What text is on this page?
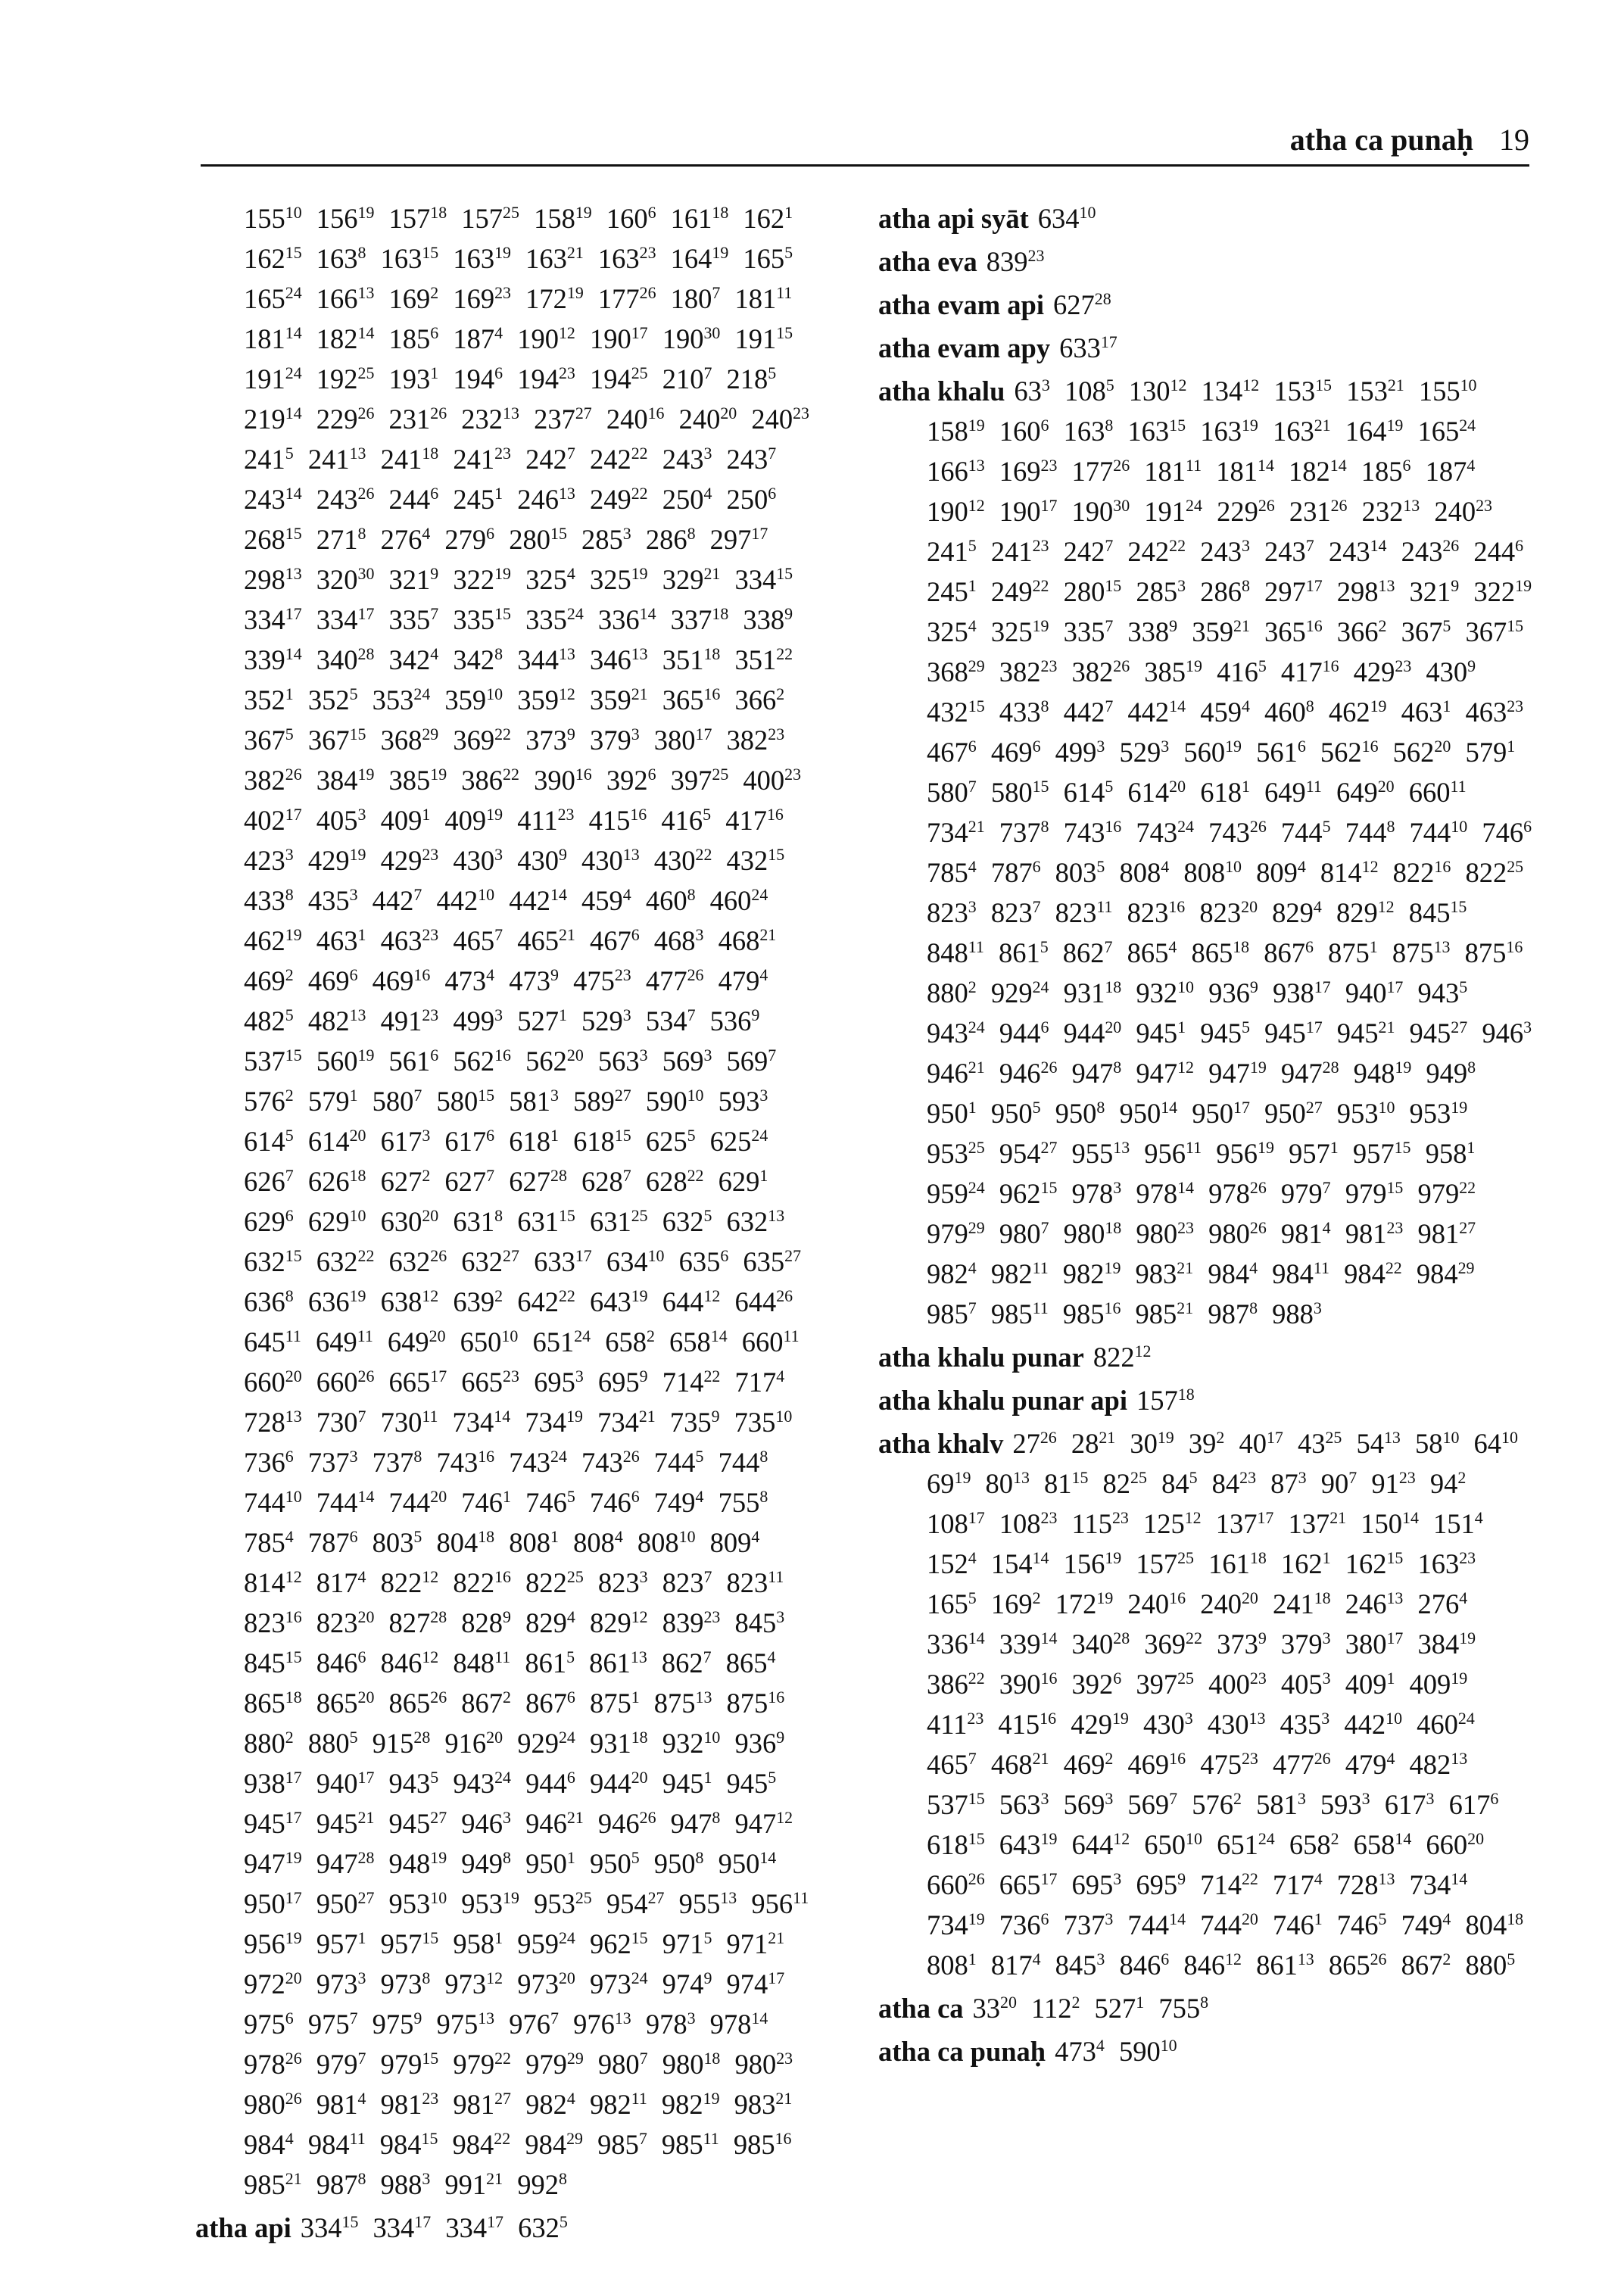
atha ca punaḥ 19
$155^{10}$ $156^{19}$ $157^{18}$ $157^{25}$ $158^{19}$ $160^6$ $161^{18}$ $162^1$ $162^{15}$ $163^8$ $163^{15}$ $163^{19}$ $163^{21}$ $163^{23}$ $164^{19}$ $165^5$ $165^{24}$ $166^{13}$ $169^2$ $169^{23}$ $172^{19}$ $177^{26}$ $180^7$ $181^{11}$ $181^{14}$ $182^{14}$ $185^6$ $187^4$ $190^{12}$ $190^{17}$ $190^{30}$ $191^{15}$ $191^{24}$ $192^{25}$ $193^1$ $194^6$ $194^{23}$ $194^{25}$ $210^7$ $218^5$ $219^{14}$ $229^{26}$ $231^{26}$ $232^{13}$ $237^{27}$ $240^{16}$ $240^{20}$ $240^{23}$ $241^5$ $241^{13}$ $241^{18}$ $241^{23}$ $242^7$ $242^{22}$ $243^3$ $243^7$ $243^{14}$ $243^{26}$ $244^6$ $245^1$ $246^{13}$ $249^{22}$ $250^4$ $250^6$ $268^{15}$ $271^8$ $276^4$ $279^6$ $280^{15}$ $285^3$ $286^8$ $297^{17}$ $298^{13}$ $320^{30}$ $321^9$ $322^{19}$ $325^4$ $325^{19}$ $329^{21}$ $334^{15}$ $334^{17}$ $334^{17}$ $335^7$ $335^{15}$ $335^{24}$ $336^{14}$ $337^{18}$ $338^9$ $339^{14}$ $340^{28}$ $342^4$ $342^8$ $344^{13}$ $346^{13}$ $351^{18}$ $351^{22}$ $352^1$ $352^5$ $353^{24}$ $359^{10}$ $359^{12}$ $359^{21}$ $365^{16}$ $366^2$ $367^5$ $367^{15}$ $368^{29}$ $369^{22}$ $373^9$ $379^3$ $380^{17}$ $382^{23}$ $382^{26}$ $384^{19}$ $385^{19}$ $386^{22}$ $390^{16}$ $392^6$ $397^{25}$ $400^{23}$ $402^{17}$ $405^3$ $409^1$ $409^{19}$ $411^{23}$ $415^{16}$ $416^5$ $417^{16}$ $423^3$ $429^{19}$ $429^{23}$ $430^3$ $430^9$ $430^{13}$ $430^{22}$ $432^{15}$ $433^8$ $435^3$ $442^7$ $442^{10}$ $442^{14}$ $459^4$ $460^8$ $460^{24}$ $462^{19}$ $463^1$ $463^{23}$ $465^7$ $465^{21}$ $467^6$ $468^3$ $468^{21}$ $469^2$ $469^6$ $469^{16}$ $473^4$ $473^9$ $475^{23}$ $477^{26}$ $479^4$ $482^5$ $482^{13}$ $491^{23}$ $499^3$ $527^1$ $529^3$ $534^7$ $536^9$ $537^{15}$ $560^{19}$ $561^6$ $562^{16}$ $562^{20}$ $563^3$ $569^3$ $569^7$ $576^2$ $579^1$ $580^7$ $580^{15}$ $581^3$ $589^{27}$ $590^{10}$ $593^3$ $614^5$ $614^{20}$ $617^3$ $617^6$ $618^1$ $618^{15}$ $625^5$ $625^{24}$ $626^7$ $626^{18}$ $627^2$ $627^7$ $627^{28}$ $628^7$ $628^{22}$ $629^1$ $629^6$ $629^{10}$ $630^{20}$ $631^8$ $631^{15}$ $631^{25}$ $632^5$ $632^{13}$ $632^{15}$ $632^{22}$ $632^{26}$ $632^{27}$ $633^{17}$ $634^{10}$ $635^6$ $635^{27}$ $636^8$ $636^{19}$ $638^{12}$ $639^2$ $642^{22}$ $643^{19}$ $644^{12}$ $644^{26}$ $645^{11}$ $649^{11}$ $649^{20}$ $650^{10}$ $651^{24}$ $658^2$ $658^{14}$ $660^{11}$ $660^{20}$ $660^{26}$ $665^{17}$ $665^{23}$ $695^3$ $695^9$ $714^{22}$ $717^4$ $728^{13}$ $730^7$ $730^{11}$ $734^{14}$ $734^{19}$ $734^{21}$ $735^9$ $735^{10}$ $736^6$ $737^3$ $737^8$ $743^{16}$ $743^{24}$ $743^{26}$ $744^5$ $744^8$ $744^{10}$ $744^{14}$ $744^{20}$ $746^1$ $746^5$ $746^6$ $749^4$ $755^8$ $785^4$ $787^6$ $803^5$ $804^{18}$ $808^1$ $808^4$ $808^{10}$ $809^4$ $814^{12}$ $817^4$ $822^{12}$ $822^{16}$ $822^{25}$ $823^3$ $823^7$ $823^{11}$ $823^{16}$ $823^{20}$ $827^{28}$ $828^9$ $829^4$ $829^{12}$ $839^{23}$ $845^3$ $845^{15}$ $846^6$ $846^{12}$ $848^{11}$ $861^5$ $861^{13}$ $862^7$ $865^4$ $865^{18}$ $865^{20}$ $865^{26}$ $867^2$ $867^6$ $875^1$ $875^{13}$ $875^{16}$ $880^2$ $880^5$ $915^{28}$ $916^{20}$ $929^{24}$ $931^{18}$ $932^{10}$ $936^9$ $938^{17}$ $940^{17}$ $943^5$ $943^{24}$ $944^6$ $944^{20}$ $945^1$ $945^5$ $945^{17}$ $945^{21}$ $945^{27}$ $946^3$ $946^{21}$ $946^{26}$ $947^8$ $947^{12}$ $947^{19}$ $947^{28}$ $948^{19}$ $949^8$ $950^1$ $950^5$ $950^8$ $950^{14}$ $950^{17}$ $950^{27}$ $953^{10}$ $953^{19}$ $953^{25}$ $954^{27}$ $955^{13}$ $956^{11}$ $956^{19}$ $957^1$ $957^{15}$ $958^1$ $959^{24}$ $962^{15}$ $971^5$ $971^{21}$ $972^{20}$ $973^3$ $973^8$ $973^{12}$ $973^{20}$ $973^{24}$ $974^9$ $974^{17}$ $975^6$ $975^7$ $975^9$ $975^{13}$ $976^7$ $976^{13}$ $978^3$ $978^{14}$ $978^{26}$ $979^7$ $979^{15}$ $979^{22}$ $979^{29}$ $980^7$ $980^{18}$ $980^{23}$ $980^{26}$ $981^4$ $981^{23}$ $981^{27}$ $982^4$ $982^{11}$ $982^{19}$ $983^{21}$ $984^4$ $984^{11}$ $984^{15}$ $984^{22}$ $984^{29}$ $985^7$ $985^{11}$ $985^{16}$ $985^{21}$ $987^8$ $988^3$ $991^{21}$ $992^8$
atha api $334^{15}$ $334^{17}$ $334^{17}$ $632^5$
atha api syāt $634^{10}$
atha eva $839^{23}$
atha evam api $627^{28}$
atha evam apy $633^{17}$
atha khalu $63^3$ $108^5$ $130^{12}$ $134^{12}$ $153^{15}$ $153^{21}$ $155^{10}$ $158^{19}$ $160^6$ $163^8$ $163^{15}$ $163^{19}$ $163^{21}$ $164^{19}$ $165^{24}$ $166^{13}$ $169^{23}$ $177^{26}$ $181^{11}$ $181^{14}$ $182^{14}$ $185^6$ $187^4$ $190^{12}$ $190^{17}$ $190^{30}$ $191^{24}$ $229^{26}$ $231^{26}$ $232^{13}$ $240^{23}$ $241^5$ $241^{23}$ $242^7$ $242^{22}$ $243^3$ $243^7$ $243^{14}$ $243^{26}$ $244^6$ $245^1$ $249^{22}$ $280^{15}$ $285^3$ $286^8$ $297^{17}$ $298^{13}$ $321^9$ $322^{19}$ $325^4$ $325^{19}$ $335^7$ $338^9$ $359^{21}$ $365^{16}$ $366^2$ $367^5$ $367^{15}$ $368^{29}$ $382^{23}$ $382^{26}$ $385^{19}$ $416^5$ $417^{16}$ $429^{23}$ $430^9$ $432^{15}$ $433^8$ $442^7$ $442^{14}$ $459^4$ $460^8$ $462^{19}$ $463^1$ $463^{23}$ $467^6$ $469^6$ $499^3$ $529^3$ $560^{19}$ $561^6$ $562^{16}$ $562^{20}$ $579^1$ $580^7$ $580^{15}$ $614^5$ $614^{20}$ $618^1$ $649^{11}$ $649^{20}$ $660^{11}$ $734^{21}$ $737^8$ $743^{16}$ $743^{24}$ $743^{26}$ $744^5$ $744^8$ $744^{10}$ $746^6$ $785^4$ $787^6$ $803^5$ $808^4$ $808^{10}$ $809^4$ $814^{12}$ $822^{16}$ $822^{25}$ $823^3$ $823^7$ $823^{11}$ $823^{16}$ $823^{20}$ $829^4$ $829^{12}$ $845^{15}$ $848^{11}$ $861^5$ $862^7$ $865^4$ $865^{18}$ $867^6$ $875^1$ $875^{13}$ $875^{16}$ $880^2$ $929^{24}$ $931^{18}$ $932^{10}$ $936^9$ $938^{17}$ $940^{17}$ $943^5$ $943^{24}$ $944^6$ $944^{20}$ $945^1$ $945^5$ $945^{17}$ $945^{21}$ $945^{27}$ $946^3$ $946^{21}$ $946^{26}$ $947^8$ $947^{12}$ $947^{19}$ $947^{28}$ $948^{19}$ $949^8$ $950^1$ $950^5$ $950^8$ $950^{14}$ $950^{17}$ $950^{27}$ $953^{10}$ $953^{19}$ $953^{25}$ $954^{27}$ $955^{13}$ $956^{11}$ $956^{19}$ $957^1$ $957^{15}$ $958^1$ $959^{24}$ $962^{15}$ $978^3$ $978^{14}$ $978^{26}$ $979^7$ $979^{15}$ $979^{22}$ $979^{29}$ $980^7$ $980^{18}$ $980^{23}$ $980^{26}$ $981^4$ $981^{23}$ $981^{27}$ $982^4$ $982^{11}$ $982^{19}$ $983^{21}$ $984^4$ $984^{11}$ $984^{22}$ $984^{29}$ $985^7$ $985^{11}$ $985^{16}$ $985^{21}$ $987^8$ $988^3$
atha khalu punar $822^{12}$
atha khalu punar api $157^{18}$
atha khalv $27^{26}$ $28^{21}$ $30^{19}$ $39^2$ $40^{17}$ $43^{25}$ $54^{13}$ $58^{10}$ $64^{10}$ $69^{19}$ $80^{13}$ $81^{15}$ $82^{25}$ $84^5$ $84^{23}$ $87^3$ $90^7$ $91^{23}$ $94^2$ $108^{17}$ $108^{23}$ $115^{23}$ $125^{12}$ $137^{17}$ $137^{21}$ $150^{14}$ $151^4$ $152^4$ $154^{14}$ $156^{19}$ $157^{25}$ $161^{18}$ $162^1$ $162^{15}$ $163^{23}$ $165^5$ $169^2$ $172^{19}$ $240^{16}$ $240^{20}$ $241^{18}$ $246^{13}$ $276^4$ $336^{14}$ $339^{14}$ $340^{28}$ $369^{22}$ $373^9$ $379^3$ $380^{17}$ $384^{19}$ $386^{22}$ $390^{16}$ $392^6$ $397^{25}$ $400^{23}$ $405^3$ $409^1$ $409^{19}$ $411^{23}$ $415^{16}$ $429^{19}$ $430^3$ $430^{13}$ $435^3$ $442^{10}$ $460^{24}$ $465^7$ $468^{21}$ $469^2$ $469^{16}$ $475^{23}$ $477^{26}$ $479^4$ $482^{13}$ $537^{15}$ $563^3$ $569^3$ $569^7$ $576^2$ $581^3$ $593^3$ $617^3$ $617^6$ $618^{15}$ $643^{19}$ $644^{12}$ $650^{10}$ $651^{24}$ $658^2$ $658^{14}$ $660^{20}$ $660^{26}$ $665^{17}$ $695^3$ $695^9$ $714^{22}$ $717^4$ $728^{13}$ $734^{14}$ $734^{19}$ $736^6$ $737^3$ $744^{14}$ $744^{20}$ $746^1$ $746^5$ $749^4$ $804^{18}$ $808^1$ $817^4$ $845^3$ $846^6$ $846^{12}$ $861^{13}$ $865^{26}$ $867^2$ $880^5$
atha ca $33^{20}$ $112^2$ $527^1$ $755^8$
atha ca punaḥ $473^4$ $590^{10}$
